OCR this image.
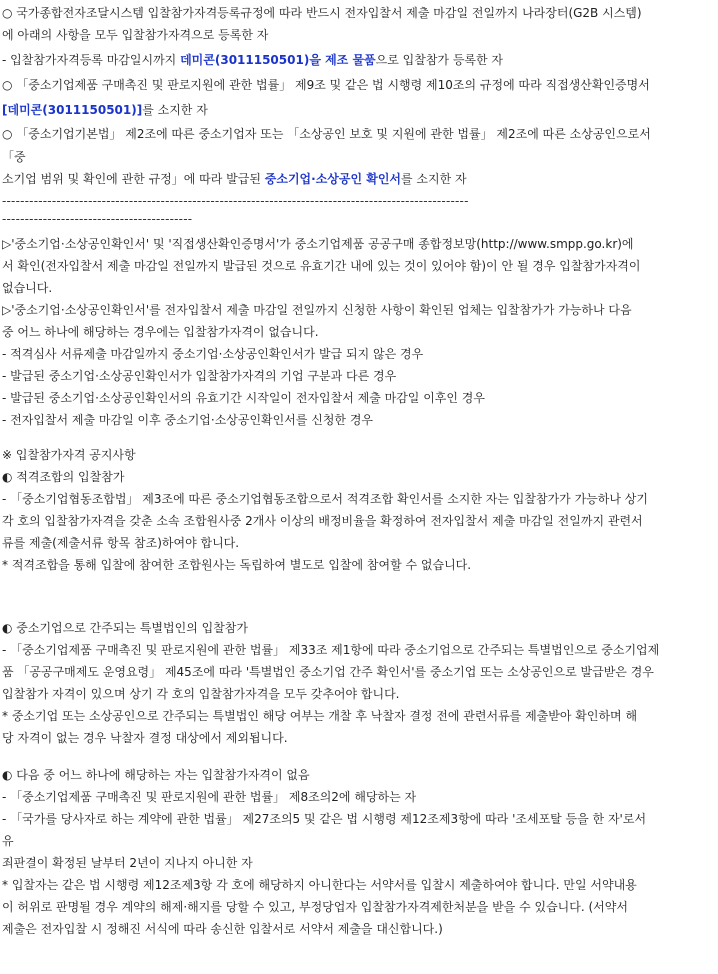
○ 국가종합전자조달시스템 입찰참가자격등록규정에 따라 반드시 전자입찰서 제출 마감일 전일까지 나라장터(G2B 시스템)
에 아래의 사항을 모두 입찰참가자격으로 등록한 자
- 입찰참가자격등록 마감일시까지 데미콘(3011150501)을 제조 물품으로 입찰참가 등록한 자
○ 「중소기업제품 구매촉진 및 판로지원에 관한 법률」 제9조 및 같은 법 시행령 제10조의 규정에 따라 직접생산확인증명서
[데미콘(3011150501)]를 소지한 자
○ 「중소기업기본법」 제2조에 따른 중소기업자 또는 「소상공인 보호 및 지원에 관한 법률」 제2조에 따른 소상공인으로서
「중
소기업 범위 및 확인에 관한 규정」에 따라 발급된 중소기업·소상공인 확인서를 소지한 자
-------------------------------------------------------------------------------------------------------
------------------------------------------
▷'중소기업·소상공인확인서' 및 '직접생산확인증명서'가 중소기업제품 공공구매 종합정보망(http://www.smpp.go.kr)에
서 확인(전자입찰서 제출 마감일 전일까지 발급된 것으로 유효기간 내에 있는 것이 있어야 함)이 안 될 경우 입찰참가자격이
없습니다.
▷'중소기업·소상공인확인서'를 전자입찰서 제출 마감일 전일까지 신청한 사항이 확인된 업체는 입찰참가가 가능하나 다음
중 어느 하나에 해당하는 경우에는 입찰참가자격이 없습니다.
- 적격심사 서류제출 마감일까지 중소기업·소상공인확인서가 발급 되지 않은 경우
- 발급된 중소기업·소상공인확인서가 입찰참가자격의 기업 구분과 다른 경우
- 발급된 중소기업·소상공인확인서의 유효기간 시작일이 전자입찰서 제출 마감일 이후인 경우
- 전자입찰서 제출 마감일 이후 중소기업·소상공인확인서를 신청한 경우
※ 입찰참가자격 공지사항
◐ 적격조합의 입찰참가
- 「중소기업협동조합법」 제3조에 따른 중소기업협동조합으로서 적격조합 확인서를 소지한 자는 입찰참가가 가능하나 상기
각 호의 입찰참가자격을 갖춘 소속 조합원사중 2개사 이상의 배정비율을 확정하여 전자입찰서 제출 마감일 전일까지 관련서
류를 제출(제출서류 항목 참조)하여야 합니다.
* 적격조합을 통해 입찰에 참여한 조합원사는 독립하여 별도로 입찰에 참여할 수 없습니다.
◐ 중소기업으로 간주되는 특별법인의 입찰참가
- 「중소기업제품 구매촉진 및 판로지원에 관한 법률」 제33조 제1항에 따라 중소기업으로 간주되는 특별법인으로 중소기업제
품 「공공구매제도 운영요령」 제45조에 따라 '특별법인 중소기업 간주 확인서'를 중소기업 또는 소상공인으로 발급받은 경우
입찰참가 자격이 있으며 상기 각 호의 입찰참가자격을 모두 갖추어야 합니다.
* 중소기업 또는 소상공인으로 간주되는 특별법인 해당 여부는 개찰 후 낙찰자 결정 전에 관련서류를 제출받아 확인하며 해
당 자격이 없는 경우 낙찰자 결정 대상에서 제외됩니다.
◐ 다음 중 어느 하나에 해당하는 자는 입찰참가자격이 없음
- 「중소기업제품 구매촉진 및 판로지원에 관한 법률」 제8조의2에 해당하는 자
- 「국가를 당사자로 하는 계약에 관한 법률」 제27조의5 및 같은 법 시행령 제12조제3항에 따라 '조세포탈 등을 한 자'로서
유
죄판결이 확정된 날부터 2년이 지나지 아니한 자
* 입찰자는 같은 법 시행령 제12조제3항 각 호에 해당하지 아니한다는 서약서를 입찰시 제출하여야 합니다. 만일 서약내용
이 허위로 판명될 경우 계약의 해제·해지를 당할 수 있고, 부정당업자 입찰참가자격제한처분을 받을 수 있습니다. (서약서
제출은 전자입찰 시 정해진 서식에 따라 송신한 입찰서로 서약서 제출을 대신합니다.)
